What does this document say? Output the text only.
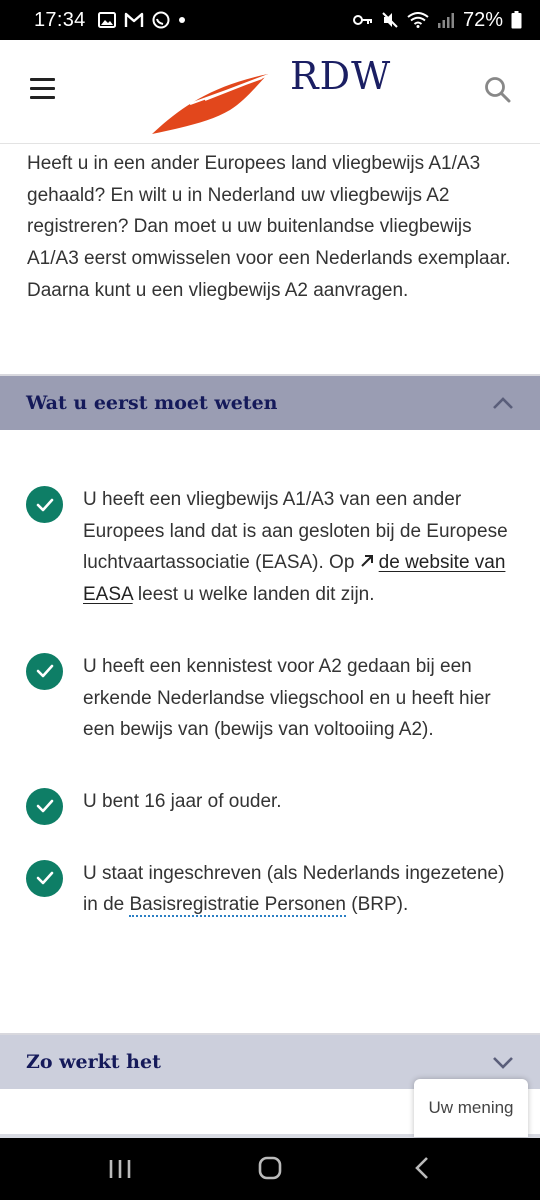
17:34	72%
RDW

Heeft u in een ander Europees land vliegbewijs A1/A3 gehaald? En wilt u in Nederland uw vliegbewijs A2 registreren? Dan moet u uw buitenlandse vliegbewijs A1/A3 eerst omwisselen voor een Nederlands exemplaar. Daarna kunt u een vliegbewijs A2 aanvragen.

Wat u eerst moet weten
U heeft een vliegbewijs A1/A3 van een ander Europees land dat is aan gesloten bij de Europese luchtvaartassociatie (EASA). Op de website van EASA leest u welke landen dit zijn.
U heeft een kennistest voor A2 gedaan bij een erkende Nederlandse vliegschool en u heeft hier een bewijs van (bewijs van voltooiing A2).
U bent 16 jaar of ouder.
U staat ingeschreven (als Nederlands ingezetene) in de Basisregistratie Personen (BRP).
Zo werkt het
Uw mening
